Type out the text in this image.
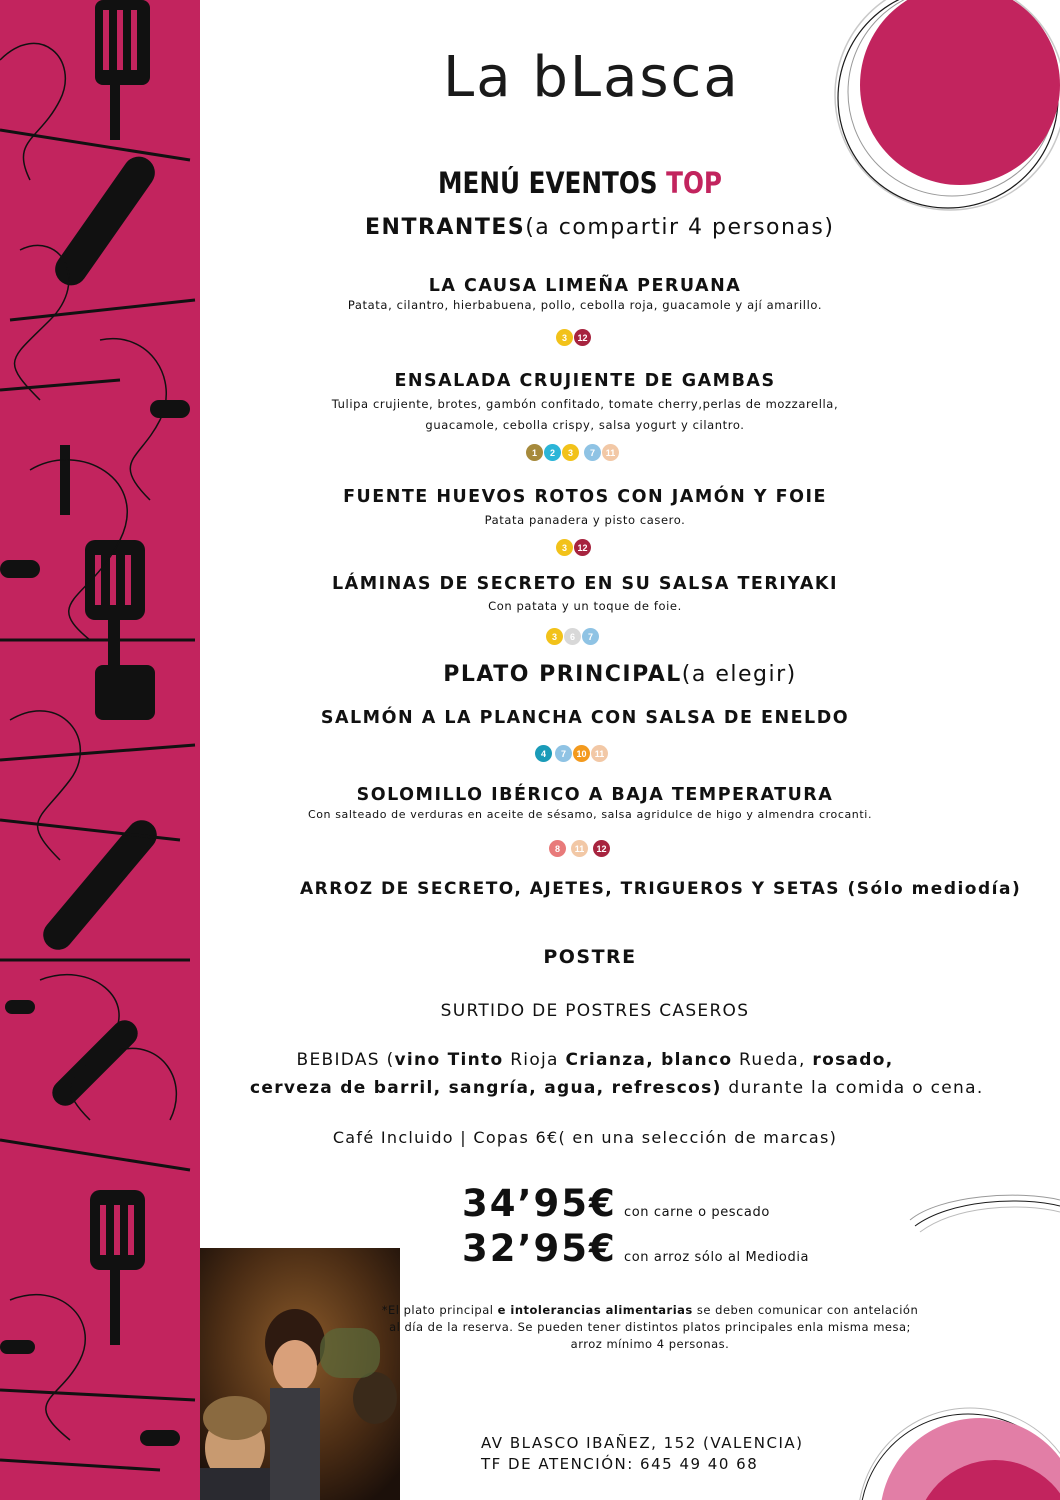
La bLasca
MENÚ EVENTOS TOP
ENTRANTES(a compartir 4 personas)
LA CAUSA LIMEÑA PERUANA
Patata, cilantro, hierbabuena, pollo, cebolla roja, guacamole y ají amarillo.
3	12
ENSALADA CRUJIENTE DE GAMBAS
Tulipa crujiente, brotes, gambón confitado, tomate cherry,perlas de mozzarella,
guacamole, cebolla crispy, salsa yogurt y cilantro.
1	2	3	7	11
FUENTE HUEVOS ROTOS CON JAMÓN Y FOIE
Patata panadera y pisto casero.
3	12
LÁMINAS DE SECRETO EN SU SALSA TERIYAKI
Con patata y un toque de foie.
3	6	7
PLATO PRINCIPAL(a elegir)
SALMÓN A LA PLANCHA CON SALSA DE ENELDO
4	7	10 11
SOLOMILLO IBÉRICO A BAJA TEMPERATURA
Con salteado de verduras en aceite de sésamo, salsa agridulce de higo y almendra crocanti.
8	11	12
ARROZ DE SECRETO, AJETES, TRIGUEROS Y SETAS (Sólo mediodía)
POSTRE
SURTIDO DE POSTRES CASEROS
BEBIDAS (vino Tinto Rioja Crianza, blanco Rueda, rosado,
cerveza de barril, sangría, agua, refrescos) durante la comida o cena.
Café Incluido | Copas 6€( en una selección de marcas)
34’95€ con carne o pescado
32’95€ con arroz sólo al Mediodia
*El plato principal e intolerancias alimentarias se deben comunicar con antelación
al día de la reserva. Se pueden tener distintos platos principales enla misma mesa;
arroz mínimo 4 personas.
AV BLASCO IBAÑEZ, 152 (VALENCIA)
TF DE ATENCIÓN: 645 49 40 68
